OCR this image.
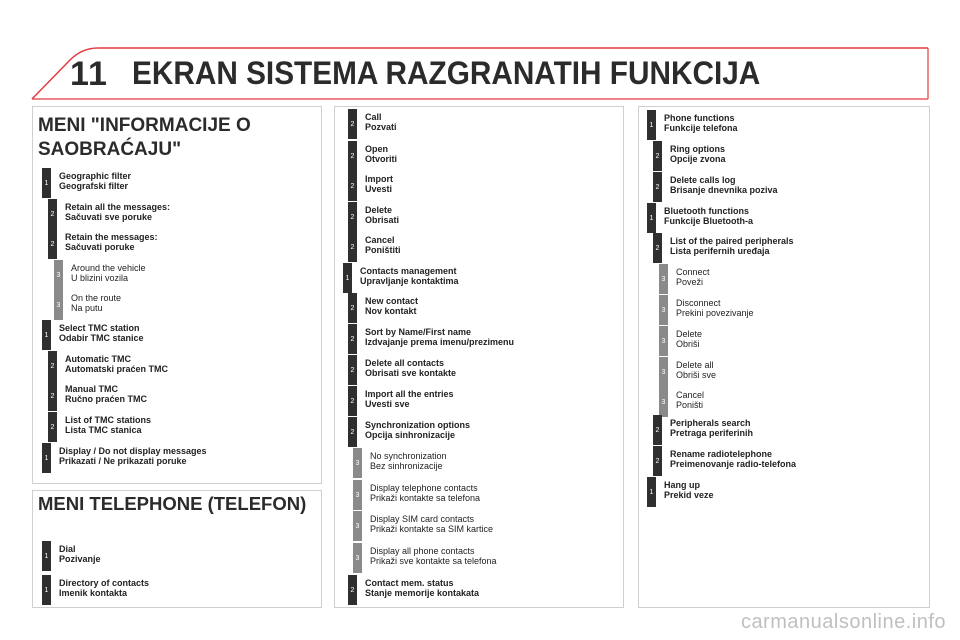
11 EKRAN SISTEMA RAZGRANATIH FUNKCIJA
MENI "INFORMACIJE O SAOBRAĆAJU"
MENI TELEPHONE (TELEFON)
1
Geographic filter
Geografski filter
2
Retain all the messages:
Sačuvati sve poruke
2
Retain the messages:
Sačuvati poruke
3
Around the vehicle
U blizini vozila
3
On the route
Na putu
1
Select TMC station
Odabir TMC stanice
2
Automatic TMC
Automatski praćen TMC
2
Manual TMC
Ručno praćen TMC
2
List of TMC stations
Lista TMC stanica
1
Display / Do not display messages
Prikazati / Ne prikazati poruke
1
Dial
Pozivanje
1
Directory of contacts
Imenik kontakta
2
Call
Pozvati
2
Open
Otvoriti
2
Import
Uvesti
2
Delete
Obrisati
2
Cancel
Poništiti
1
Contacts management
Upravljanje kontaktima
2
New contact
Nov kontakt
2
Sort by Name/First name
Izdvajanje prema imenu/prezimenu
2
Delete all contacts
Obrisati sve kontakte
2
Import all the entries
Uvesti sve
2
Synchronization options
Opcija sinhronizacije
3
No synchronization
Bez sinhronizacije
3
Display telephone contacts
Prikaži kontakte sa telefona
3
Display SIM card contacts
Prikaži kontakte sa SIM kartice
3
Display all phone contacts
Prikaži sve kontakte sa telefona
2
Contact mem. status
Stanje memorije kontakata
1
Phone functions
Funkcije telefona
2
Ring options
Opcije zvona
2
Delete calls log
Brisanje dnevnika poziva
1
Bluetooth functions
Funkcije Bluetooth-a
2
List of the paired peripherals
Lista perifernih uređaja
3
Connect
Poveži
3
Disconnect
Prekini povezivanje
3
Delete
Obriši
3
Delete all
Obriši sve
3
Cancel
Poništi
2
Peripherals search
Pretraga periferinih
2
Rename radiotelephone
Preimenovanje radio-telefona
1
Hang up
Prekid veze
carmanualsonline.info
